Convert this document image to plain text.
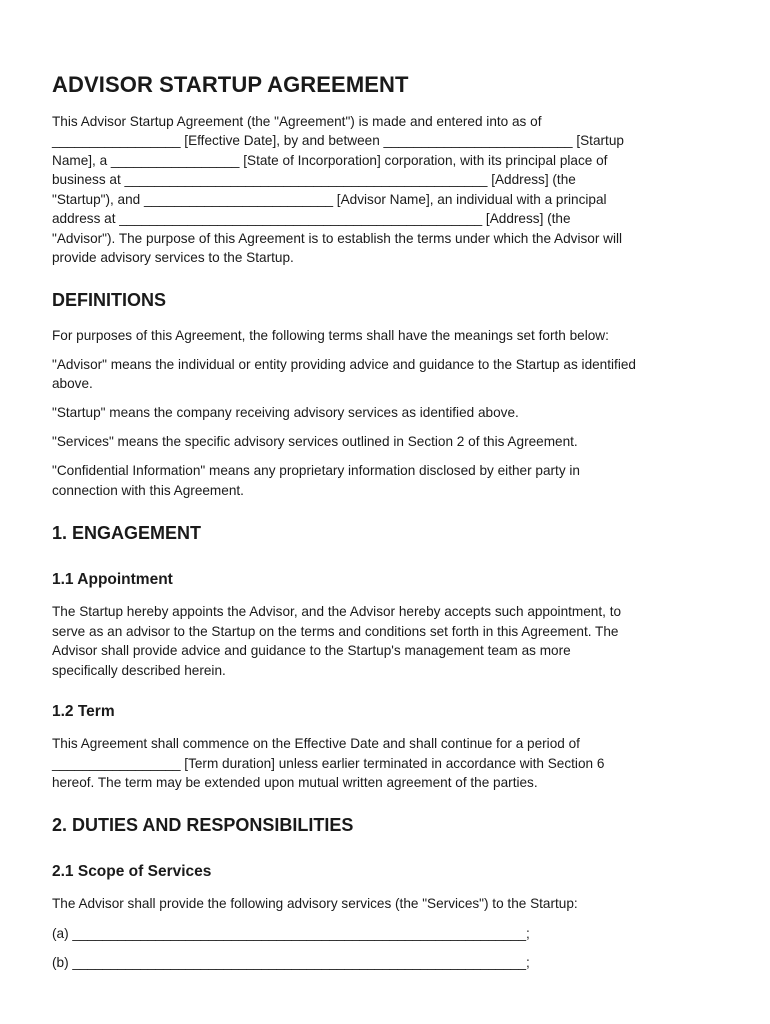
ADVISOR STARTUP AGREEMENT

This Advisor Startup Agreement (the "Agreement") is made and entered into as of

_________________ [Effective Date], by and between _________________________ [Startup

Name], a _________________ [State of Incorporation] corporation, with its principal place of

business at ________________________________________________ [Address] (the

"Startup"), and _________________________ [Advisor Name], an individual with a principal

address at ________________________________________________ [Address] (the

"Advisor"). The purpose of this Agreement is to establish the terms under which the Advisor will

provide advisory services to the Startup.

DEFINITIONS

For purposes of this Agreement, the following terms shall have the meanings set forth below:

"Advisor" means the individual or entity providing advice and guidance to the Startup as identified

above.

"Startup" means the company receiving advisory services as identified above.

"Services" means the specific advisory services outlined in Section 2 of this Agreement.

"Confidential Information" means any proprietary information disclosed by either party in

connection with this Agreement.

1. ENGAGEMENT
1.1 Appointment

The Startup hereby appoints the Advisor, and the Advisor hereby accepts such appointment, to

serve as an advisor to the Startup on the terms and conditions set forth in this Agreement. The

Advisor shall provide advice and guidance to the Startup's management team as more

specifically described herein.

1.2 Term

This Agreement shall commence on the Effective Date and shall continue for a period of

_________________ [Term duration] unless earlier terminated in accordance with Section 6

hereof. The term may be extended upon mutual written agreement of the parties.

2. DUTIES AND RESPONSIBILITIES
2.1 Scope of Services

The Advisor shall provide the following advisory services (the "Services") to the Startup:

(a) ____________________________________________________________;

(b) ____________________________________________________________;
